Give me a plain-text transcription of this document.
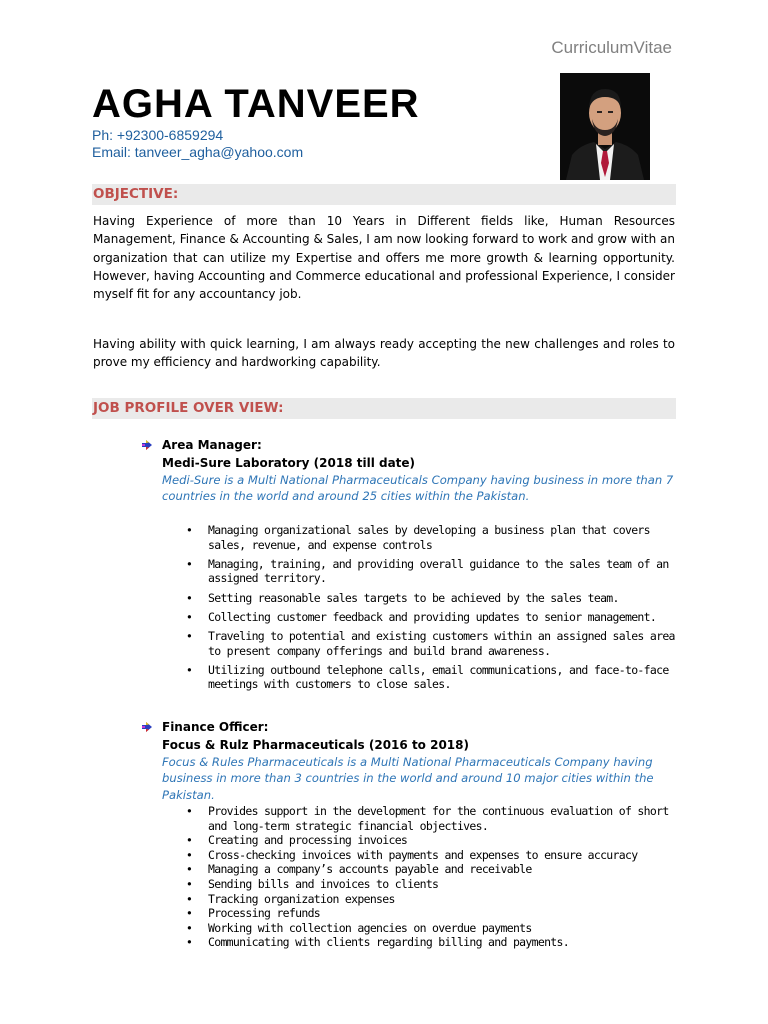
CurriculumVitae
AGHA TANVEER
Ph: +92300-6859294
Email: tanveer_agha@yahoo.com
OBJECTIVE:

Having Experience of more than 10 Years in Different fields like, Human Resources Management, Finance & Accounting & Sales, I am now looking forward to work and grow with an organization that can utilize my Expertise and offers me more growth & learning opportunity. However, having Accounting and Commerce educational and professional Experience, I consider myself fit for any accountancy job.

Having ability with quick learning, I am always ready accepting the new challenges and roles to prove my efficiency and hardworking capability.

JOB PROFILE OVER VIEW:
Area Manager:
Medi-Sure Laboratory (2018 till date)
Medi-Sure is a Multi National Pharmaceuticals Company having business in more than 7 countries in the world and around 25 cities within the Pakistan.
• Managing organizational sales by developing a business plan that covers sales, revenue, and expense controls
• Managing, training, and providing overall guidance to the sales team of an assigned territory.
• Setting reasonable sales targets to be achieved by the sales team.
• Collecting customer feedback and providing updates to senior management.
• Traveling to potential and existing customers within an assigned sales area to present company offerings and build brand awareness.
• Utilizing outbound telephone calls, email communications, and face-to-face meetings with customers to close sales.
Finance Officer:
Focus & Rulz Pharmaceuticals (2016 to 2018)
Focus & Rules Pharmaceuticals is a Multi National Pharmaceuticals Company having business in more than 3 countries in the world and around 10 major cities within the Pakistan.
• Provides support in the development for the continuous evaluation of short and long-term strategic financial objectives.
• Creating and processing invoices
• Cross-checking invoices with payments and expenses to ensure accuracy
• Managing a company’s accounts payable and receivable
• Sending bills and invoices to clients
• Tracking organization expenses
• Processing refunds
• Working with collection agencies on overdue payments
• Communicating with clients regarding billing and payments.
